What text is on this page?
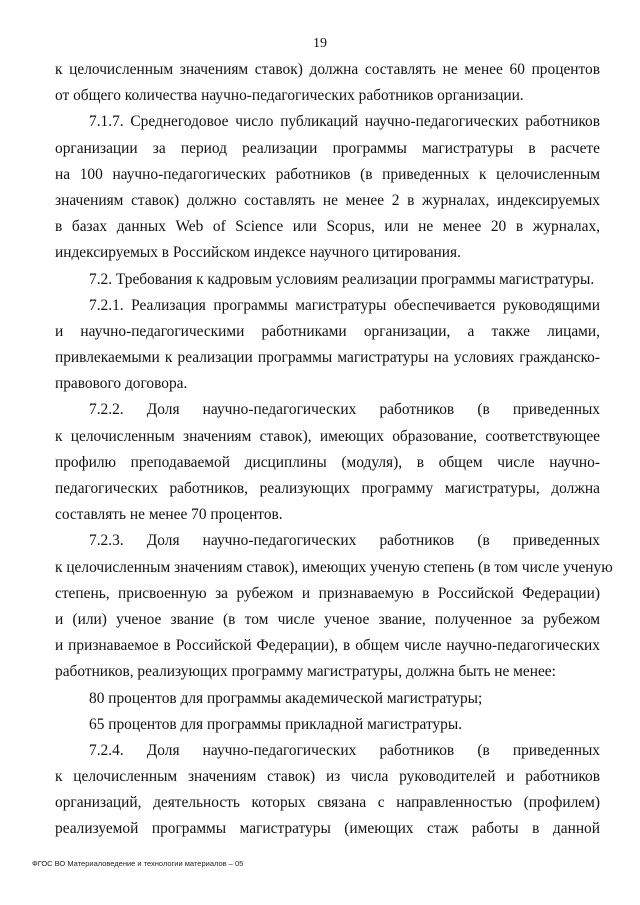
19
к целочисленным значениям ставок) должна составлять не менее 60 процентов
от общего количества научно-педагогических работников организации.
7.1.7. Среднегодовое число публикаций научно-педагогических работников
организации за период реализации программы магистратуры в расчете
на 100 научно-педагогических работников (в приведенных к целочисленным
значениям ставок) должно составлять не менее 2 в журналах, индексируемых
в базах данных Web of Science или Scopus, или не менее 20 в журналах,
индексируемых в Российском индексе научного цитирования.
7.2. Требования к кадровым условиям реализации программы магистратуры.
7.2.1. Реализация программы магистратуры обеспечивается руководящими
и научно-педагогическими работниками организации, а также лицами,
привлекаемыми к реализации программы магистратуры на условиях гражданско-
правового договора.
7.2.2. Доля научно-педагогических работников (в приведенных
к целочисленным значениям ставок), имеющих образование, соответствующее
профилю преподаваемой дисциплины (модуля), в общем числе научно-
педагогических работников, реализующих программу магистратуры, должна
составлять не менее 70 процентов.
7.2.3. Доля научно-педагогических работников (в приведенных
к целочисленным значениям ставок), имеющих ученую степень (в том числе ученую
степень, присвоенную за рубежом и признаваемую в Российской Федерации)
и (или) ученое звание (в том числе ученое звание, полученное за рубежом
и признаваемое в Российской Федерации), в общем числе научно-педагогических
работников, реализующих программу магистратуры, должна быть не менее:
80 процентов для программы академической магистратуры;
65 процентов для программы прикладной магистратуры.
7.2.4. Доля научно-педагогических работников (в приведенных
к целочисленным значениям ставок) из числа руководителей и работников
организаций, деятельность которых связана с направленностью (профилем)
реализуемой программы магистратуры (имеющих стаж работы в данной
ФГОС ВО Материаловедение и технологии материалов – 05
